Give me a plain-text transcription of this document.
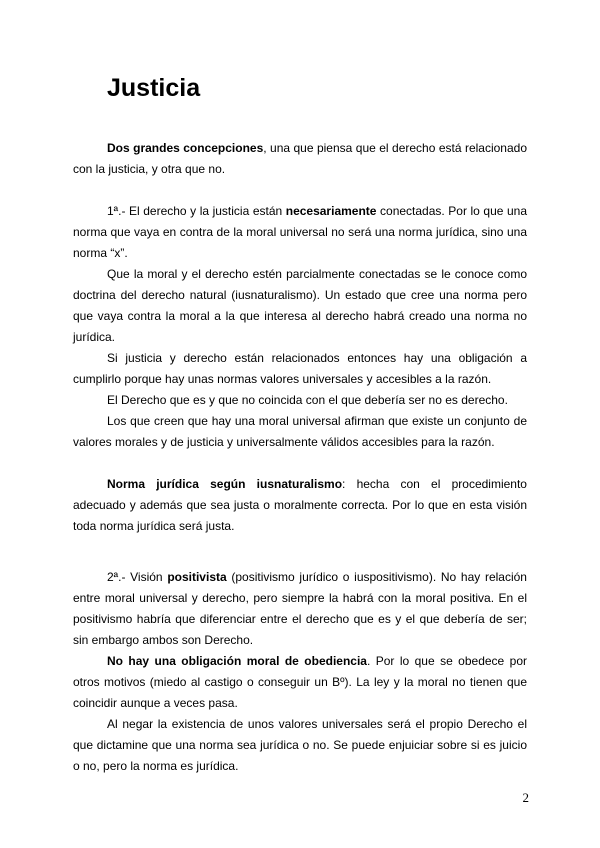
Justicia

Dos grandes concepciones, una que piensa que el derecho está relacionado con la justicia, y otra que no.

1ª.- El derecho y la justicia están necesariamente conectadas. Por lo que una norma que vaya en contra de la moral universal no será una norma jurídica, sino una norma “x”.

Que la moral y el derecho estén parcialmente conectadas se le conoce como doctrina del derecho natural (iusnaturalismo). Un estado que cree una norma pero que vaya contra la moral a la que interesa al derecho habrá creado una norma no jurídica.

Si justicia y derecho están relacionados entonces hay una obligación a cumplirlo porque hay unas normas valores universales y accesibles a la razón.

El Derecho que es y que no coincida con el que debería ser no es derecho.

Los que creen que hay una moral universal afirman que existe un conjunto de valores morales y de justicia y universalmente válidos accesibles para la razón.

Norma jurídica según iusnaturalismo: hecha con el procedimiento adecuado y además que sea justa o moralmente correcta. Por lo que en esta visión toda norma jurídica será justa.

2ª.- Visión positivista (positivismo jurídico o iuspositivismo). No hay relación entre moral universal y derecho, pero siempre la habrá con la moral positiva. En el positivismo habría que diferenciar entre el derecho que es y el que debería de ser; sin embargo ambos son Derecho.

No hay una obligación moral de obediencia. Por lo que se obedece por otros motivos (miedo al castigo o conseguir un Bº). La ley y la moral no tienen que coincidir aunque a veces pasa.

Al negar la existencia de unos valores universales será el propio Derecho el que dictamine que una norma sea jurídica o no. Se puede enjuiciar sobre si es juicio o no, pero la norma es jurídica.

2
